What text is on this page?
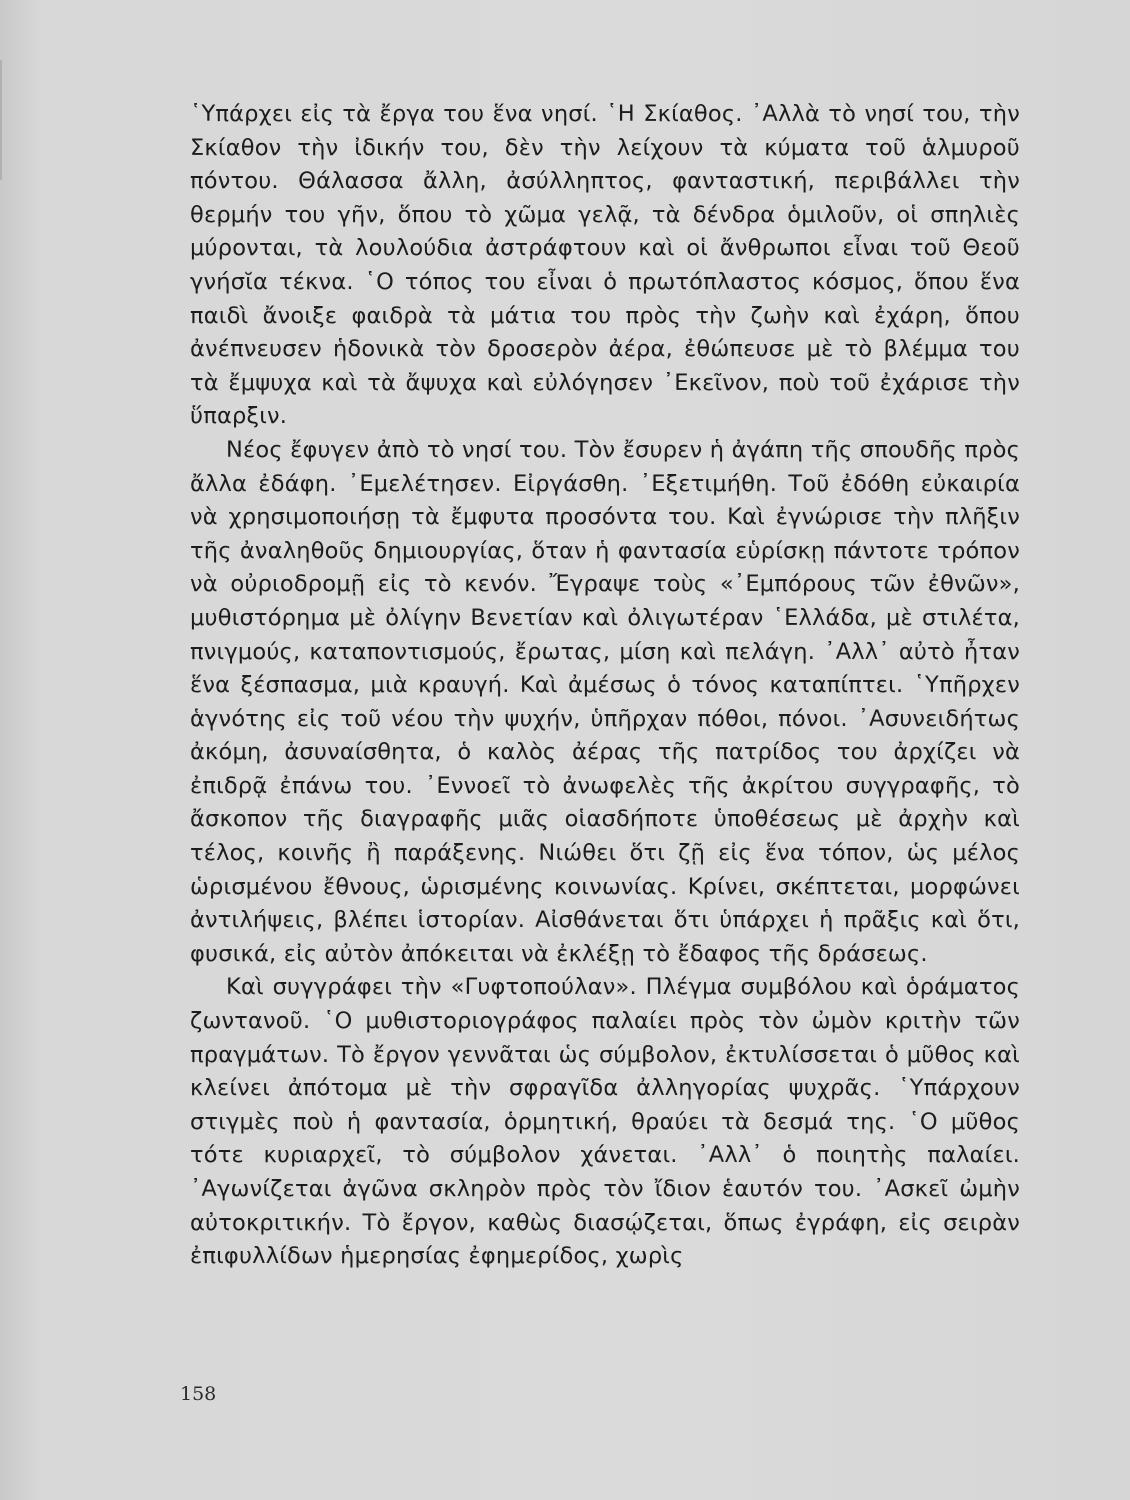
῾Υπάρχει εἰς τὰ ἔργα του ἕνα νησί. ῾Η Σκίαθος. ᾿Αλλὰ τὸ νησί του, τὴν Σκίαθον τὴν ἰδικήν του, δὲν τὴν λείχουν τὰ κύματα τοῦ ἁλμυροῦ πόντου. Θάλασσα ἄλλη, ἀσύλληπτος, φανταστική, περιβάλλει τὴν θερμήν του γῆν, ὅπου τὸ χῶμα γελᾷ, τὰ δένδρα ὁμιλοῦν, οἱ σπηλιὲς μύρονται, τὰ λουλούδια ἀστράφτουν καὶ οἱ ἄνθρωποι εἶναι τοῦ Θεοῦ γνήσῐα τέκνα. ῾Ο τόπος του εἶναι ὁ πρωτόπλαστος κόσμος, ὅπου ἕνα παιδὶ ἄνοιξε φαιδρὰ τὰ μάτια του πρὸς τὴν ζωὴν καὶ ἐχάρη, ὅπου ἀνέπνευσεν ἡδονικὰ τὸν δροσερὸν ἀέρα, ἐθώπευσε μὲ τὸ βλέμμα του τὰ ἔμψυχα καὶ τὰ ἄψυχα καὶ εὐλόγησεν ᾿Εκεῖνον, ποὺ τοῦ ἐχάρισε τὴν ὕπαρξιν.

Νέος ἔφυγεν ἀπὸ τὸ νησί του. Τὸν ἔσυρεν ἡ ἀγάπη τῆς σπουδῆς πρὸς ἄλλα ἐδάφη. ᾿Εμελέτησεν. Εἰργάσθη. ᾿Εξετιμήθη. Τοῦ ἐδόθη εὐκαιρία νὰ χρησιμοποιήσῃ τὰ ἔμφυτα προσόντα του. Καὶ ἐγνώρισε τὴν πλῆξιν τῆς ἀναληθοῦς δημιουργίας, ὅταν ἡ φαντασία εὑρίσκῃ πάντοτε τρόπον νὰ οὐριοδρομῇ εἰς τὸ κενόν. Ἔγραψε τοὺς «᾿Εμπόρους τῶν ἐθνῶν», μυθιστόρημα μὲ ὀλίγην Βενετίαν καὶ ὀλιγωτέραν ῾Ελλάδα, μὲ στιλέτα, πνιγμούς, καταποντισμούς, ἔρωτας, μίση καὶ πελάγη. ᾿Αλλ᾿ αὐτὸ ἦταν ἕνα ξέσπασμα, μιὰ κραυγή. Καὶ ἀμέσως ὁ τόνος καταπίπτει. ῾Υπῆρχεν ἁγνότης εἰς τοῦ νέου τὴν ψυχήν, ὑπῆρχαν πόθοι, πόνοι. ᾿Ασυνειδήτως ἀκόμη, ἀσυναίσθητα, ὁ καλὸς ἀέρας τῆς πατρίδος του ἀρχίζει νὰ ἐπιδρᾷ ἐπάνω του. ᾿Εννοεῖ τὸ ἀνωφελὲς τῆς ἀκρίτου συγγραφῆς, τὸ ἄσκοπον τῆς διαγραφῆς μιᾶς οἱασδήποτε ὑποθέσεως μὲ ἀρχὴν καὶ τέλος, κοινῆς ἢ παράξενης. Νιώθει ὅτι ζῇ εἰς ἕνα τόπον, ὡς μέλος ὡρισμένου ἔθνους, ὡρισμένης κοινωνίας. Κρίνει, σκέπτεται, μορφώνει ἀντιλήψεις, βλέπει ἱστορίαν. Αἰσθάνεται ὅτι ὑπάρχει ἡ πρᾶξις καὶ ὅτι, φυσικά, εἰς αὐτὸν ἀπόκειται νὰ ἐκλέξῃ τὸ ἔδαφος τῆς δράσεως.

Καὶ συγγράφει τὴν «Γυφτοπούλαν». Πλέγμα συμβόλου καὶ ὁράματος ζωντανοῦ. ῾Ο μυθιστοριογράφος παλαίει πρὸς τὸν ὠμὸν κριτὴν τῶν πραγμάτων. Τὸ ἔργον γεννᾶται ὡς σύμβολον, ἐκτυλίσσεται ὁ μῦθος καὶ κλείνει ἀπότομα μὲ τὴν σφραγῖδα ἀλληγορίας ψυχρᾶς. ῾Υπάρχουν στιγμὲς ποὺ ἡ φαντασία, ὁρμητική, θραύει τὰ δεσμά της. ῾Ο μῦθος τότε κυριαρχεῖ, τὸ σύμβολον χάνεται. ᾿Αλλ᾿ ὁ ποιητὴς παλαίει. ᾿Αγωνίζεται ἀγῶνα σκληρὸν πρὸς τὸν ἴδιον ἑαυτόν του. ᾿Ασκεῖ ὠμὴν αὐτοκριτικήν. Τὸ ἔργον, καθὼς διασῴζεται, ὅπως ἐγράφη, εἰς σειρὰν ἐπιφυλλίδων ἡμερησίας ἐφημερίδος, χωρὶς

158
